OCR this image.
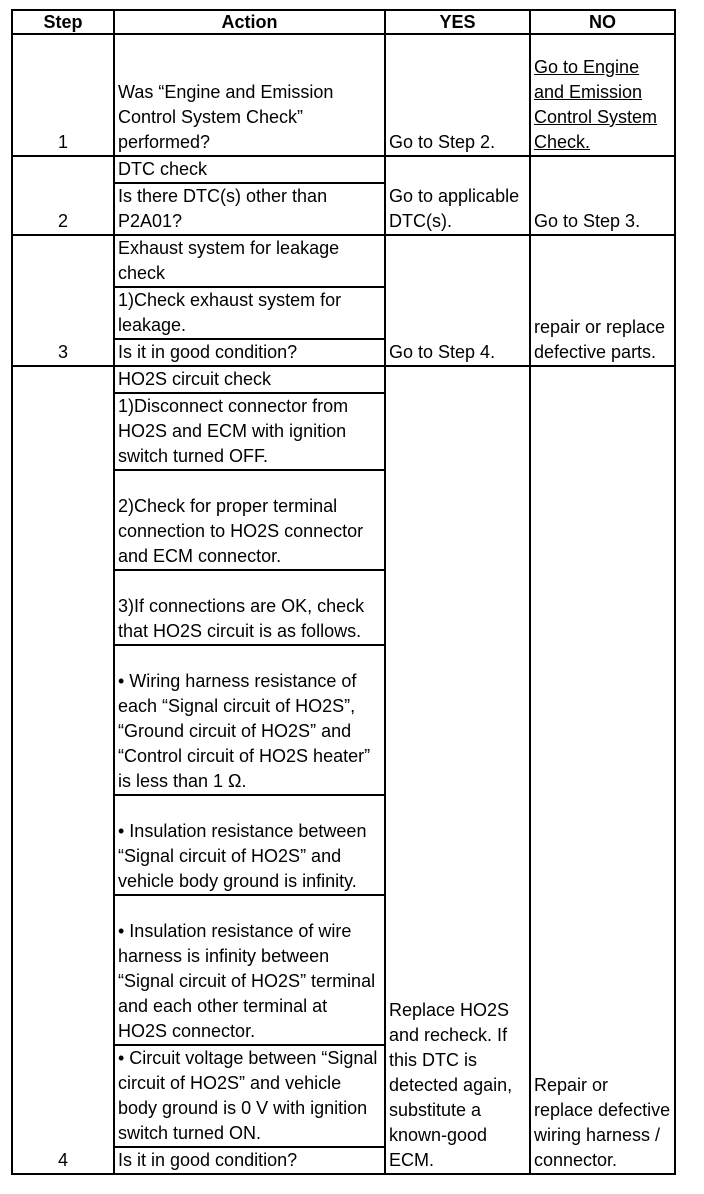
Step	Action	YES	NO
1	Was “Engine and Emission Control System Check” performed?	Go to Step 2.	Go to Engine and Emission Control System Check.
2	DTC check	Go to applicable DTC(s).	Go to Step 3.
	Is there DTC(s) other than P2A01?		
3	Exhaust system for leakage check	Go to Step 4.	repair or replace defective parts.
	1)Check exhaust system for leakage.		
	Is it in good condition?		
4	HO2S circuit check	Replace HO2S and recheck. If this DTC is detected again, substitute a known-good ECM.	Repair or replace defective wiring harness / connector.
	1)Disconnect connector from HO2S and ECM with ignition switch turned OFF.		
	2)Check for proper terminal connection to HO2S connector and ECM connector.		
	3)If connections are OK, check that HO2S circuit is as follows.		
	• Wiring harness resistance of each “Signal circuit of HO2S”, “Ground circuit of HO2S” and “Control circuit of HO2S heater” is less than 1 Ω.		
	• Insulation resistance between “Signal circuit of HO2S” and vehicle body ground is infinity.		
	• Insulation resistance of wire harness is infinity between “Signal circuit of HO2S” terminal and each other terminal at HO2S connector.		
	• Circuit voltage between “Signal circuit of HO2S” and vehicle body ground is 0 V with ignition switch turned ON.		
	Is it in good condition?		
